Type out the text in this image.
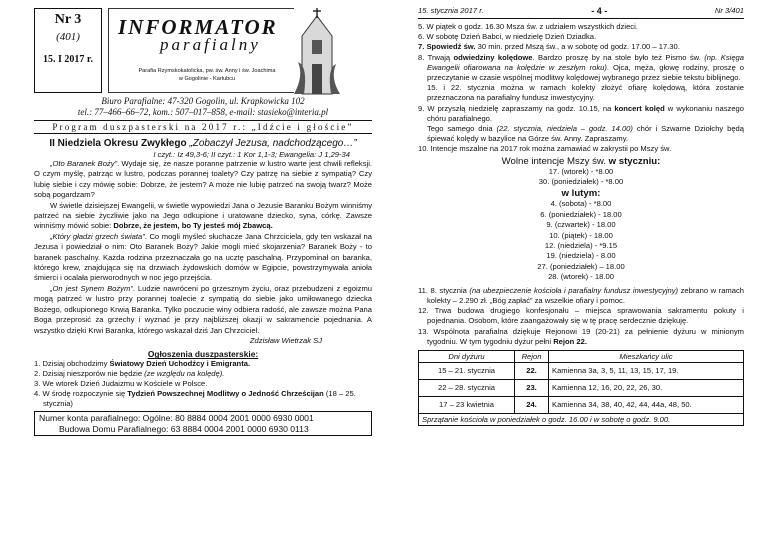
Nr 3
(401)
15. I 2017 r.
INFORMATOR
parafialny
Parafia Rzymskokatolicka, pw. św. Anny i św. Joachima
w Gogolinie - Karłubcu
Biuro Parafialne: 47-320 Gogolin, ul. Krapkowicka 102
tel.: 77–466–66–72, kom.: 507–017–858, e-mail: stasieko@interia.pl
Program duszpasterski na 2017 r.: „Idźcie i głoście”
II Niedziela Okresu Zwykłego „Zobaczył Jezusa, nadchodzącego…”
I czyt.: Iz 49,3-6; II czyt.: 1 Kor 1,1-3; Ewangelia: J 1,29-34

„Oto Baranek Boży”. Wydaje się, że nasze poranne patrzenie w lustro warte jest chwili refleksji. O czym myślę, patrząc w lustro, podczas porannej toalety? Czy patrzę na siebie z sympatią? Czy lubię siebie i czy mówię sobie: Dobrze, że jestem? A może nie lubię patrzeć na swoją twarz? Może sobą pogardzam?

W świetle dzisiejszej Ewangelii, w świetle wypowiedzi Jana o Jezusie Baranku Bożym winniśmy patrzeć na siebie życzliwie jako na Jego odkupione i uratowane dziecko, syna, córkę. Zawsze winniśmy mówić sobie: Dobrze, że jestem, bo Ty jesteś mój Zbawcą.

„Który gładzi grzech świata”. Co mogli myśleć słuchacze Jana Chrzciciela, gdy ten wskazał na Jezusa i powiedział o nim: Oto Baranek Boży? Jakie mogli mieć skojarzenia? Baranek Boży - to baranek paschalny. Każda rodzina przeznaczała go na ucztę paschalną. Przypominał on baranka, którego krew, znajdująca się na drzwiach żydowskich domów w Egipcie, powstrzymywała anioła śmierci i ocalała pierworodnych w noc jego przejścia.

„On jest Synem Bożym”. Ludzie nawróceni po grzesznym życiu, oraz przebudzeni z egoizmu mogą patrzeć w lustro przy porannej toalecie z sympatią do siebie jako umiłowanego dziecka Bożego, odkupionego Krwią Baranka. Tylko poczucie winy odbiera radość, ale zawsze można Pana Boga przeprosić za grzechy i wyznać je przy najbliższej okazji w sakramencie pojednania. A wszystko dzięki Krwi Baranka, którego wskazał dziś Jan Chrzciciel.

Zdzisław Wietrzak SJ

Ogłoszenia duszpasterskie:
1. Dzisiaj obchodzimy Światowy Dzień Uchodźcy i Emigranta.
2. Dzisiaj nieszporów nie będzie (ze względu na kolędę).
3. We wtorek Dzień Judaizmu w Kościele w Polsce.
4. W środę rozpoczynie się Tydzień Powszechnej Modlitwy o Jedność Chrześcijan (18 – 25. stycznia)
Numer konta parafialnego: Ogólne: 80 8884 0004 2001 0000 6930 0001
Budowa Domu Parafialnego: 63 8884 0004 2001 0000 6930 0113
15. stycznia 2017 r.	- 4 -	Nr 3/401
5. W piątek o godz. 16.30 Msza św. z udziałem wszystkich dzieci.
6. W sobotę Dzień Babci, w niedzielę Dzień Dziadka.
7. Spowiedź św. 30 min. przed Mszą św., a w sobotę od godz. 17.00 – 17.30.
8. Trwają odwiedziny kolędowe. Bardzo proszę by na stole było też Pismo św. (np. Księga Ewangelii ofiarowana na kolędzie w zeszłym roku). Ojca, męża, głowę rodziny, proszę o przeczytanie w czasie wspólnej modlitwy kolędowej wybranego przez siebie tekstu biblijnego.
15. i 22. stycznia można w ramach kolekty złożyć ofiarę kolędową, która zostanie przeznaczona na parafialny fundusz inwestycyjny.
9. W przyszłą niedzielę zapraszamy na godz. 10.15, na koncert kolęd w wykonaniu naszego chóru parafialnego.
Tego samego dnia (22. stycznia, niedziela – godz. 14.00) chór i Szwarne Dziołchy będą śpiewać kolędy w bazylice na Górze św. Anny. Zapraszamy.
10. Intencje mszalne na 2017 rok można zamawiać w zakrystii po Mszy św.
Wolne intencje Mszy św. w styczniu:
17. (wtorek) - *8.00
30. (poniedziałek) - *8.00
w lutym:
4. (sobota) - *8.00
6. (poniedziałek) - 18.00
9. (czwartek) - 18.00
10. (piątek) - 18.00
12. (niedziela) - *9.15
19. (niedziela) - 8.00
27. (poniedziałek) – 18.00
28. (wtorek) - 18.00
11. 8. stycznia (na ubezpieczenie kościoła i parafialny fundusz inwestycyjny) zebrano w ramach kolekty – 2.290 zł. „Bóg zapłać” za wszelkie ofiary i pomoc.
12. Trwa budowa drugiego konfesjonału – miejsca sprawowania sakramentu pokuty i pojednania. Osobom, które zaangażowały się w tę pracę serdecznie dziękuję.
13. Wspólnota parafialna dziękuje Rejonowi 19 (20-21) za pełnienie dyżuru w minionym tygodniu. W tym tygodniu dyżur pełni Rejon 22.
Dni dyżuru	Rejon	Mieszkańcy ulic
15 – 21. stycznia	22.	Kamienna 3a, 3, 5, 11, 13, 15, 17, 19.
22 – 28. stycznia	23.	Kamienna 12, 16, 20, 22, 26, 30.
17 – 23 kwietnia	24.	Kamienna 34, 38, 40, 42, 44, 44a, 48, 50.
Sprzątanie kościoła w poniedziałek o godz. 16.00 i w sobotę o godz. 9.00.		
